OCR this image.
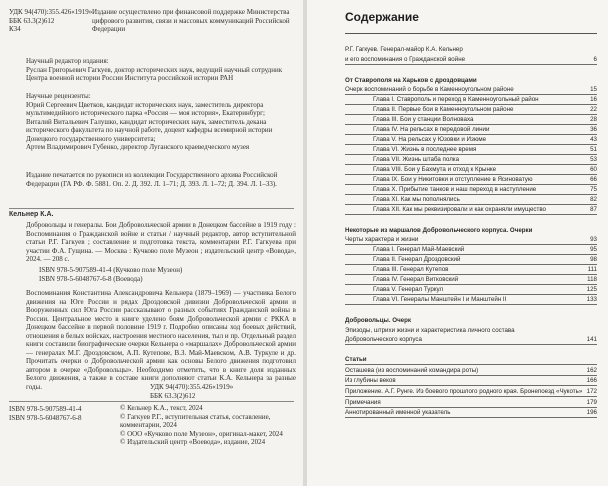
УДК 94(470):355.426«1919»
ББК 63.3(2)612
К34
Издание осуществлено при финансовой поддержке Министерства цифрового развития, связи и массовых коммуникаций Российской Федерации
Научный редактор издания:
Руслан Григорьевич Гагкуев, доктор исторических наук, ведущий научный сотрудник Центра военной истории России Института российской истории РАН
Научные рецензенты:
Юрий Сергеевич Цветков, кандидат исторических наук, заместитель директора мультимедийного исторического парка «Россия — моя история», Екатеринбург;
Виталий Витальевич Галушко, кандидат исторических наук, заместитель декана исторического факультета по научной работе, доцент кафедры всемирной истории Донецкого государственного университета;
Артем Владимирович Губенко, директор Луганского краеведческого музея
Издание печатается по рукописи из коллекции Государственного архива Российской Федерации (ГА РФ. Ф. 5881. Оп. 2. Д. 392. Л. 1–71; Д. 393. Л. 1–72; Д. 394. Л. 1–33).
Кельнер К.А.
Добровольцы и генералы. Бои Добровольческой армии в Донецком бассейне в 1919 году : Воспоминания о Гражданской войне и статьи / научный редактор, автор вступительной статьи Р.Г. Гагкуев ; составление и подготовка текста, комментарии Р.Г. Гагкуева при участии Ф.А. Гущина. — Москва : Кучково поле Музеон ; издательский центр «Вовода», 2024. — 208 с.
ISBN 978-5-907589-41-4 (Кучково поле Музеон)
ISBN 978-5-6048767-6-8 (Воевода)
Воспоминания Константина Александровича Кельнера (1879–1969) — участника Белого движения на Юге России и рядах Дроздовской дивизии Добровольческой армии и Вооруженных сил Юга России рассказывают о разных событиях Гражданской войны в России. Центральное место в книге уделено боям Добровольческой армии с РККА в Донецком бассейне в первой половине 1919 г. Подробно описаны ход боевых действий, отношения в белых войсках, настроения местного населения, тыл и пр. Отдельный раздел книги составили биографические очерки Кельнера о «маршалах» Добровольческой армии — генералах М.Г. Дроздовском, А.П. Кутепове, В.З. Май-Маевском, А.В. Туркуле и др. Прочитать очерки о Добровольческой армии как основы Белого движения подготовил автором в очерке «Добровольцы». Необходимо отметить, что в книге доля изданных Белого движения, а также в составе книги дополняют статьи К.А. Кельнера за разные годы.	УДК 94(470):355.426«1919»
ББК 63.3(2)612
ISBN 978-5-907589-41-4
ISBN 978-5-6048767-6-8
© Кельнер К.А., текст, 2024
© Гагкуев Р.Г., вступительная статья, составление, комментарии, 2024
© ООО «Кучково поле Музеон», оригинал-макет, 2024
© Издательский центр «Воевода», издание, 2024
Содержание
Р.Г. Гагкуев. Генерал-майор К.А. Кельнер
и его воспоминания о Гражданской войне	6
От Ставрополя на Харьков с дроздовцами
Очерк воспоминаний о борьбе в Каменноугольном районе	15
Глава I. Ставрополь и переход в Каменноугольный район	16
Глава II. Первые бои в Каменноугольном районе	22
Глава III. Бои у станции Волноваха	28
Глава IV. На рельсах в передовой линии	36
Глава V. На рельсах у Юзовки и Изюме	43
Глава VI. Жизнь в последнее время	51
Глава VII. Жизнь штаба полка	53
Глава VIII. Бои у Бахмута и отход к Крынке	60
Глава IX. Бои у Никитовки и отступление в Ясиноватую	66
Глава X. Прибытие танков и наш переход в наступление	75
Глава XI. Как мы пополнялись	82
Глава XII. Как мы реквизировали и как охраняли имущество	87
Некоторые из маршалов Добровольческого корпуса. Очерки
Черты характера и жизни	93
Глава I. Генерал Май-Маевский	95
Глава II. Генерал Дроздовский	98
Глава III. Генерал Кутепов	111
Глава IV. Генерал Витковский	118
Глава V. Генерал Туркул	125
Глава VI. Генералы Манштейн I и Манштейн II	133
Добровольцы. Очерк
Эпизоды, штрихи жизни и характеристика личного состава
Добровольческого корпуса	141
Статьи
Осташева (из воспоминаний командира роты)	162
Из глубины веков	166
Приложение. А.Г. Рунге. Из боевого прошлого родного края. Бронепоезд «Чукоть» 172
Примечания	179
Аннотированный именной указатель	196
